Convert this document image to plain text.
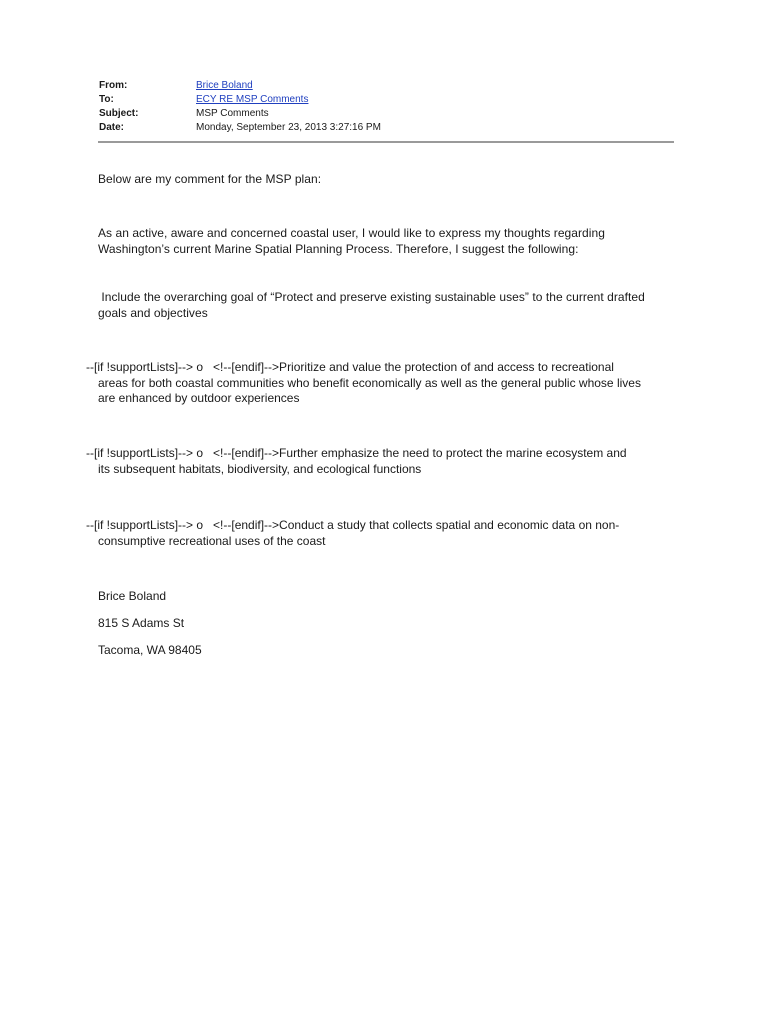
From:	Brice Boland
To:	ECY RE MSP Comments
Subject:	MSP Comments
Date:	Monday, September 23, 2013 3:27:16 PM
Below are my comment for the MSP plan:
As an active, aware and concerned coastal user, I would like to express my thoughts regarding
Washington’s current Marine Spatial Planning Process. Therefore, I suggest the following:
Include the overarching goal of “Protect and preserve existing sustainable uses” to the current drafted
goals and objectives
--[if !supportLists]--> o   <!--[endif]-->Prioritize and value the protection of and access to recreational
areas for both coastal communities who benefit economically as well as the general public whose lives
are enhanced by outdoor experiences
--[if !supportLists]--> o   <!--[endif]-->Further emphasize the need to protect the marine ecosystem and
its subsequent habitats, biodiversity, and ecological functions
--[if !supportLists]--> o   <!--[endif]-->Conduct a study that collects spatial and economic data on non-
consumptive recreational uses of the coast
Brice Boland
815 S Adams St
Tacoma, WA 98405
